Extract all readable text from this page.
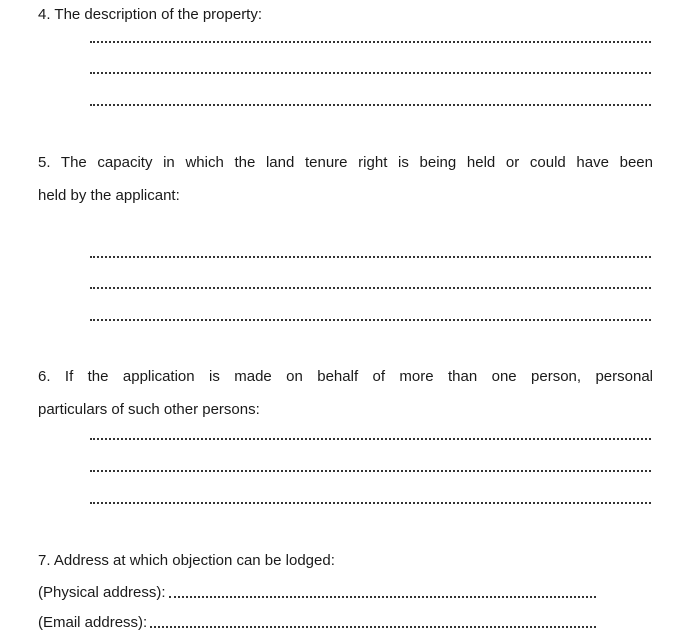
4. The description of the property:
5. The capacity in which the land tenure right is being held or could have been
held by the applicant:
6. If the application is made on behalf of more than one person, personal
particulars of such other persons:
7. Address at which objection can be lodged:
(Physical address):
(Email address):
